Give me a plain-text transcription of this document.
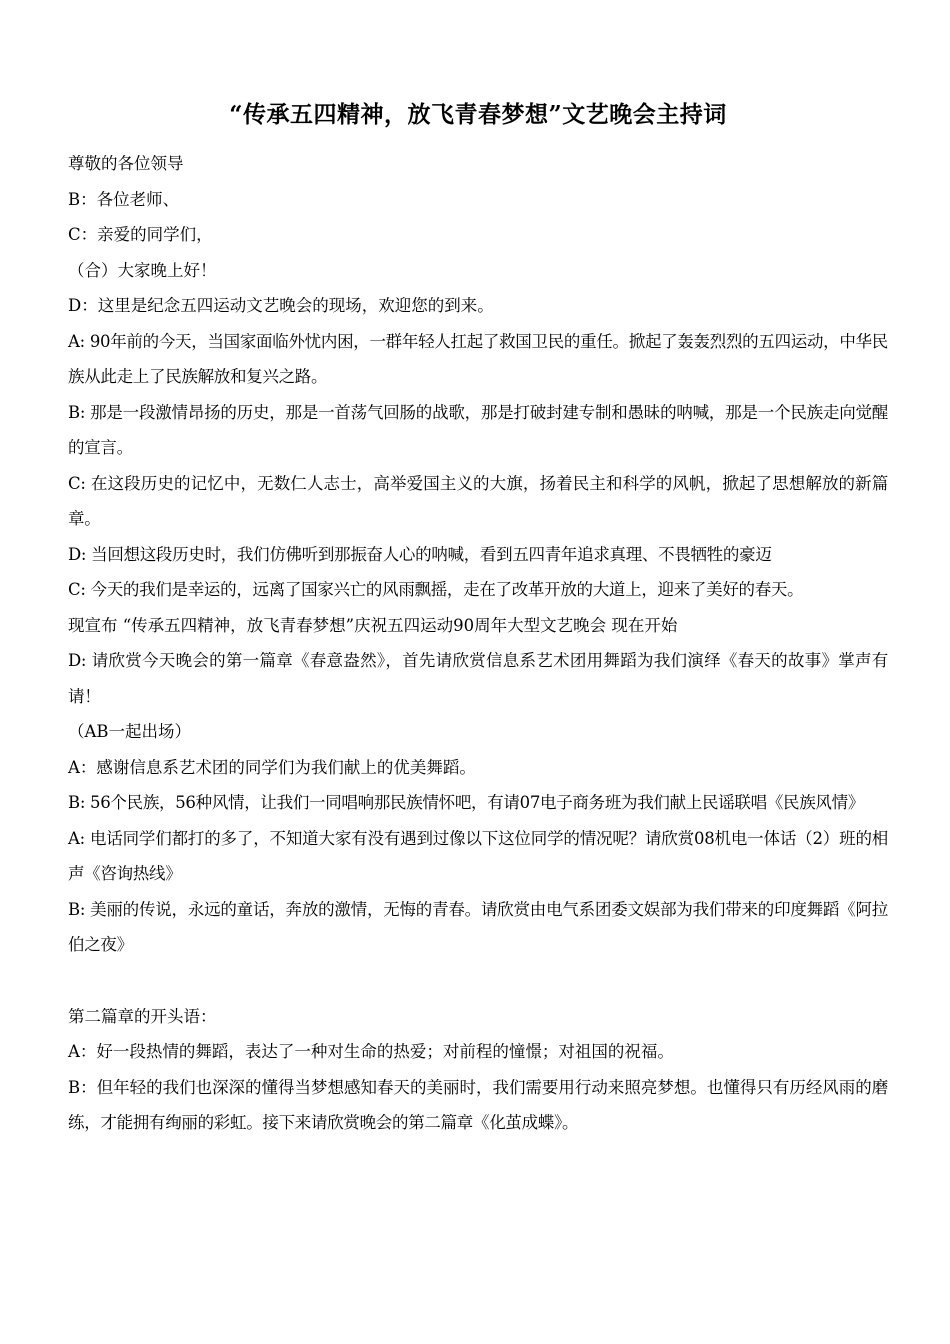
“传承五四精神，放飞青春梦想”文艺晚会主持词

尊敬的各位领导

B：各位老师、

C：亲爱的同学们，

（合）大家晚上好！

D：这里是纪念五四运动文艺晚会的现场，欢迎您的到来。

A: 90年前的今天，当国家面临外忧内困，一群年轻人扛起了救国卫民的重任。掀起了轰轰烈烈的五四运动，中华民族从此走上了民族解放和复兴之路。

B: 那是一段激情昂扬的历史，那是一首荡气回肠的战歌，那是打破封建专制和愚昧的呐喊，那是一个民族走向觉醒的宣言。

C: 在这段历史的记忆中，无数仁人志士，高举爱国主义的大旗，扬着民主和科学的风帆，掀起了思想解放的新篇章。

D: 当回想这段历史时，我们仿佛听到那振奋人心的呐喊，看到五四青年追求真理、不畏牺牲的豪迈

C: 今天的我们是幸运的，远离了国家兴亡的风雨飘摇，走在了改革开放的大道上，迎来了美好的春天。

现宣布 “传承五四精神，放飞青春梦想”庆祝五四运动90周年大型文艺晚会 现在开始

D: 请欣赏今天晚会的第一篇章《春意盎然》，首先请欣赏信息系艺术团用舞蹈为我们演绎《春天的故事》掌声有请！

（AB一起出场）

A：感谢信息系艺术团的同学们为我们献上的优美舞蹈。

B: 56个民族，56种风情，让我们一同唱响那民族情怀吧，有请07电子商务班为我们献上民谣联唱《民族风情》

A: 电话同学们都打的多了，不知道大家有没有遇到过像以下这位同学的情况呢？请欣赏08机电一体话（2）班的相声《咨询热线》

B: 美丽的传说，永远的童话，奔放的激情，无悔的青春。请欣赏由电气系团委文娱部为我们带来的印度舞蹈《阿拉伯之夜》

第二篇章的开头语：

A：好一段热情的舞蹈，表达了一种对生命的热爱；对前程的憧憬；对祖国的祝福。

B：但年轻的我们也深深的懂得当梦想感知春天的美丽时，我们需要用行动来照亮梦想。也懂得只有历经风雨的磨练，才能拥有绚丽的彩虹。接下来请欣赏晚会的第二篇章《化茧成蝶》。
